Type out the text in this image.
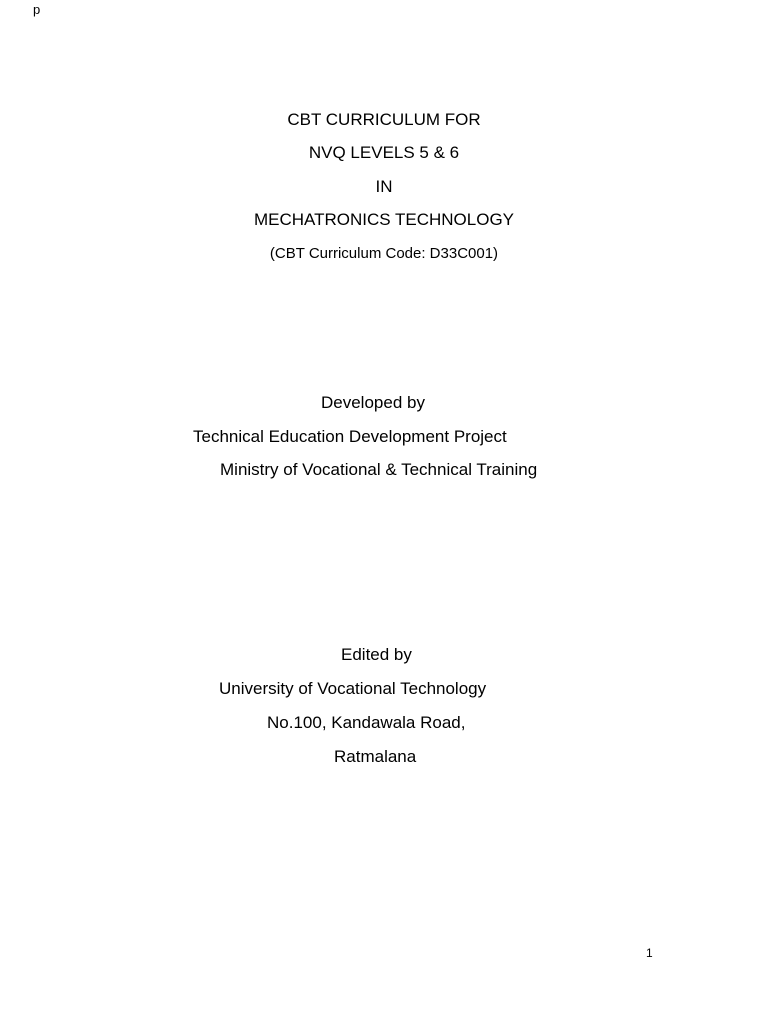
p
CBT CURRICULUM FOR
NVQ LEVELS 5 & 6
IN
MECHATRONICS TECHNOLOGY
(CBT Curriculum Code: D33C001)
Developed by
Technical Education Development Project
Ministry of Vocational & Technical Training
Edited by
University of Vocational Technology
No.100, Kandawala Road,
Ratmalana
1
